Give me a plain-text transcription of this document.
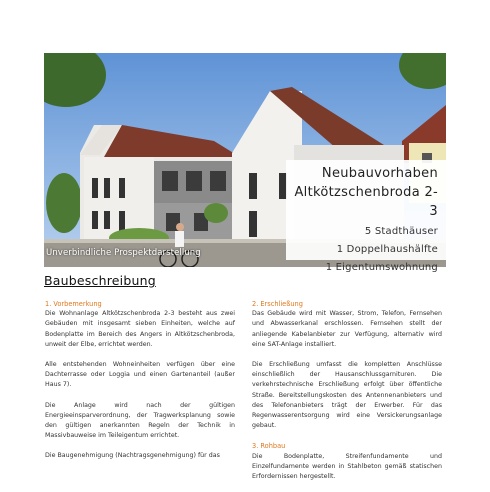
Neubauvorhaben
Altkötzschenbroda 2-3
5 Stadthäuser
1 Doppelhaushälfte
1 Eigentumswohnung
Unverbindliche Prospektdarstellung
Baubeschreibung
1. Vorbemerkung

Die Wohnanlage Altkötzschenbroda 2-3 besteht aus zwei Gebäuden mit insgesamt sieben Einheiten, welche auf Bodenplatte im Bereich des Angers in Altkötzschenbroda, unweit der Elbe, errichtet werden.

Alle entstehenden Wohneinheiten verfügen über eine Dachterrasse oder Loggia und einen Gartenanteil (außer Haus 7).

Die Anlage wird nach der gültigen Energieeinsparverordnung, der Tragwerksplanung sowie den gültigen anerkannten Regeln der Technik in Massivbauweise im Teileigentum errichtet.

Die Baugenehmigung (Nachtragsgenehmigung) für das

2. Erschließung

Das Gebäude wird mit Wasser, Strom, Telefon, Fernsehen und Abwasserkanal erschlossen. Fernsehen stellt der anliegende Kabelanbieter zur Verfügung, alternativ wird eine SAT-Anlage installiert.

Die Erschließung umfasst die kompletten Anschlüsse einschließlich der Hausanschlussgarnituren. Die verkehrstechnische Erschließung erfolgt über öffentliche Straße. Bereitstellungskosten des Antennenanbieters und des Telefonanbieters trägt der Erwerber. Für das Regenwasserentsorgung wird eine Versickerungsanlage gebaut.

3. Rohbau

Die Bodenplatte, Streifenfundamente und Einzelfundamente werden in Stahlbeton gemäß statischen Erfordernissen hergestellt.
